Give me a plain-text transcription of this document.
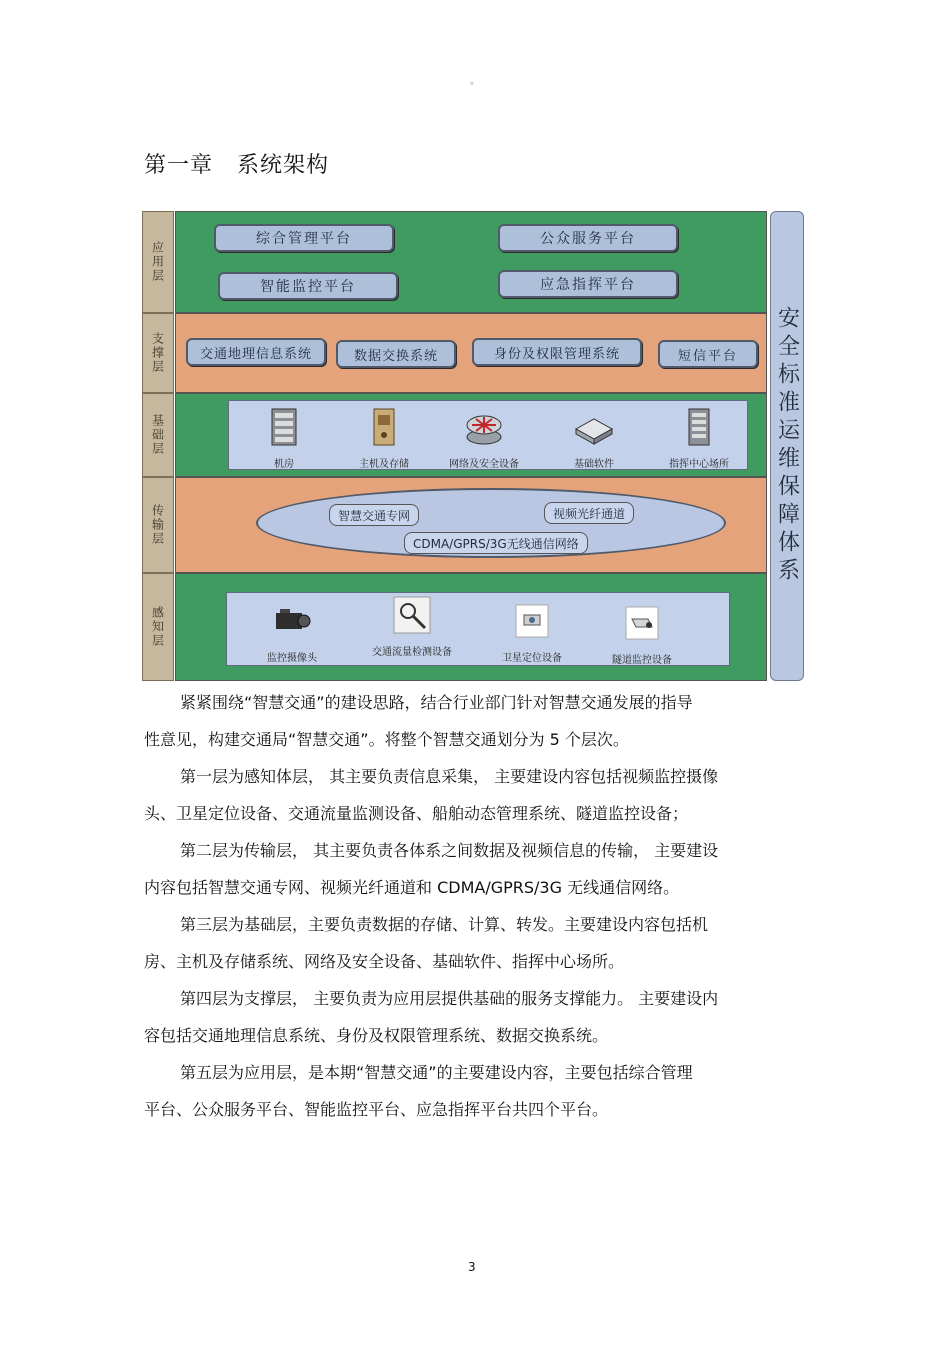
。
第一章   系统架构
应用层
综合管理平台	公众服务平台
智能监控平台	应急指挥平台
支撑层	交通地理信息系统	数据交换系统	身份及权限管理系统	短信平台
基础层
机房	主机及存储	网络及安全设备	基础软件	指挥中心场所
传输层	智慧交通专网	视频光纤通道
CDMA/GPRS/3G无线通信网络
感知层
监控摄像头
交通流量检测设备
卫星定位设备	隧道监控设备
安全标准运维保障体系

紧紧围绕“智慧交通”的建设思路，结合行业部门针对智慧交通发展的指导

性意见，构建交通局“智慧交通”。将整个智慧交通划分为 5 个层次。

第一层为感知体层， 其主要负责信息采集， 主要建设内容包括视频监控摄像

头、卫星定位设备、交通流量监测设备、船舶动态管理系统、隧道监控设备；

第二层为传输层， 其主要负责各体系之间数据及视频信息的传输， 主要建设

内容包括智慧交通专网、视频光纤通道和 CDMA/GPRS/3G 无线通信网络。

第三层为基础层，主要负责数据的存储、计算、转发。主要建设内容包括机

房、主机及存储系统、网络及安全设备、基础软件、指挥中心场所。

第四层为支撑层， 主要负责为应用层提供基础的服务支撑能力。 主要建设内

容包括交通地理信息系统、身份及权限管理系统、数据交换系统。

第五层为应用层，是本期“智慧交通”的主要建设内容，主要包括综合管理

平台、公众服务平台、智能监控平台、应急指挥平台共四个平台。

3
